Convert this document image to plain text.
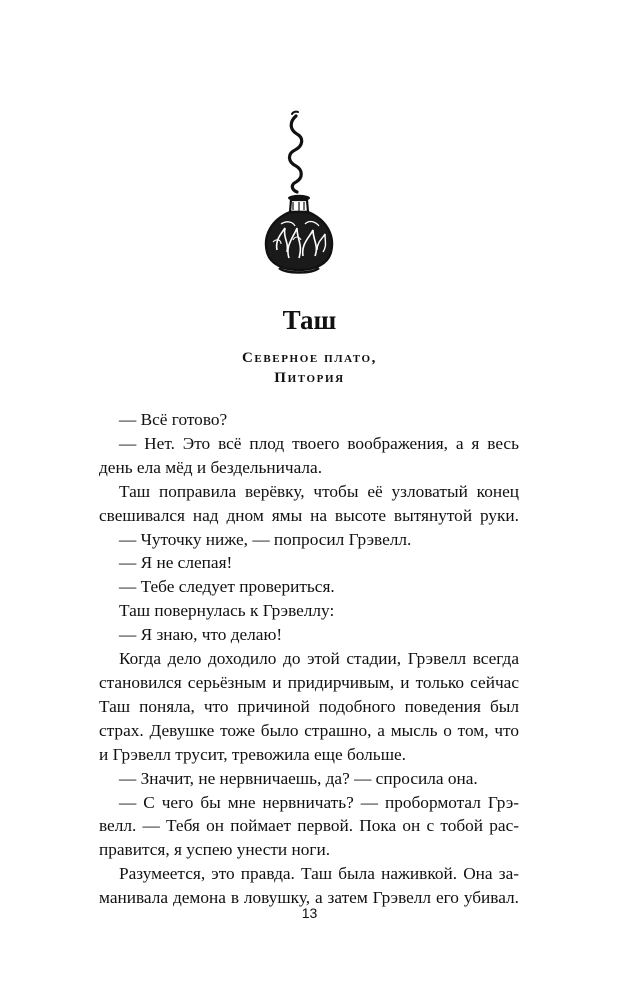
Таш
Северное плато,
Питория

— Всё готово?

— Нет. Это всё плод твоего воображения, а я весь
день ела мёд и бездельничала.

Таш поправила верёвку, чтобы её узловатый конец
свешивался над дном ямы на высоте вытянутой руки.

— Чуточку ниже, — попросил Грэвелл.

— Я не слепая!

— Тебе следует провериться.

Таш повернулась к Грэвеллу:

— Я знаю, что делаю!

Когда дело доходило до этой стадии, Грэвелл всегда
становился серьёзным и придирчивым, и только сейчас
Таш поняла, что причиной подобного поведения был
страх. Девушке тоже было страшно, а мысль о том, что
и Грэвелл трусит, тревожила еще больше.

— Значит, не нервничаешь, да? — спросила она.

— С чего бы мне нервничать? — пробормотал Грэ-
велл. — Тебя он поймает первой. Пока он с тобой рас-
правится, я успею унести ноги.

Разумеется, это правда. Таш была наживкой. Она за-
манивала демона в ловушку, а затем Грэвелл его убивал.

13
